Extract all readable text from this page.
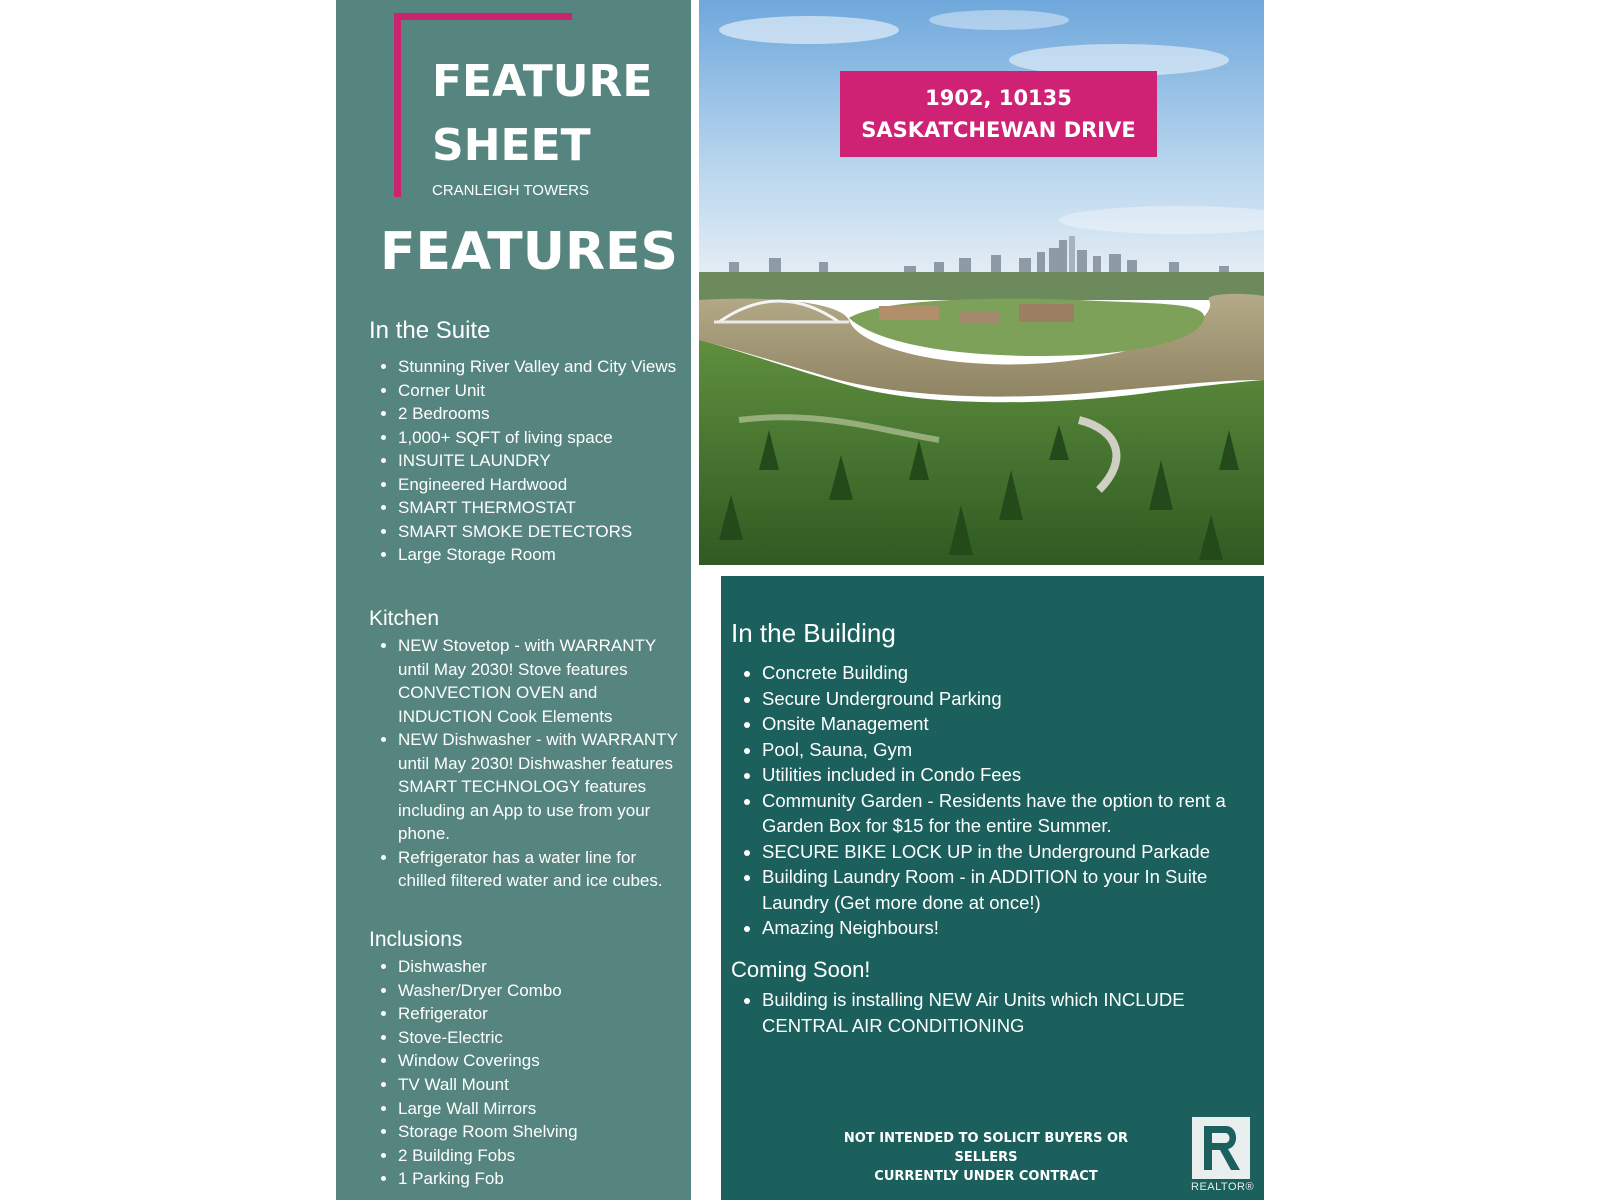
FEATURE
SHEET
CRANLEIGH TOWERS
FEATURES
In the Suite
• Stunning River Valley and City Views
• Corner Unit
• 2 Bedrooms
• 1,000+ SQFT of living space
• INSUITE LAUNDRY
• Engineered Hardwood
• SMART THERMOSTAT
• SMART SMOKE DETECTORS
• Large Storage Room
Kitchen
• NEW Stovetop - with WARRANTY until May 2030! Stove features CONVECTION OVEN and INDUCTION Cook Elements
• NEW Dishwasher - with WARRANTY until May 2030! Dishwasher features SMART TECHNOLOGY features including an App to use from your phone.
• Refrigerator has a water line for chilled filtered water and ice cubes.
Inclusions
• Dishwasher
• Washer/Dryer Combo
• Refrigerator
• Stove-Electric
• Window Coverings
• TV Wall Mount
• Large Wall Mirrors
• Storage Room Shelving
• 2 Building Fobs
• 1 Parking Fob
1902, 10135
SASKATCHEWAN DRIVE
In the Building
• Concrete Building
• Secure Underground Parking
• Onsite Management
• Pool, Sauna, Gym
• Utilities included in Condo Fees
• Community Garden - Residents have the option to rent a Garden Box for $15 for the entire Summer.
• SECURE BIKE LOCK UP in the Underground Parkade
• Building Laundry Room - in ADDITION to your In Suite Laundry (Get more done at once!)
• Amazing Neighbours!
Coming Soon!
• Building is installing NEW Air Units which INCLUDE CENTRAL AIR CONDITIONING
NOT INTENDED TO SOLICIT BUYERS OR SELLERS
CURRENTLY UNDER CONTRACT
REALTOR®
